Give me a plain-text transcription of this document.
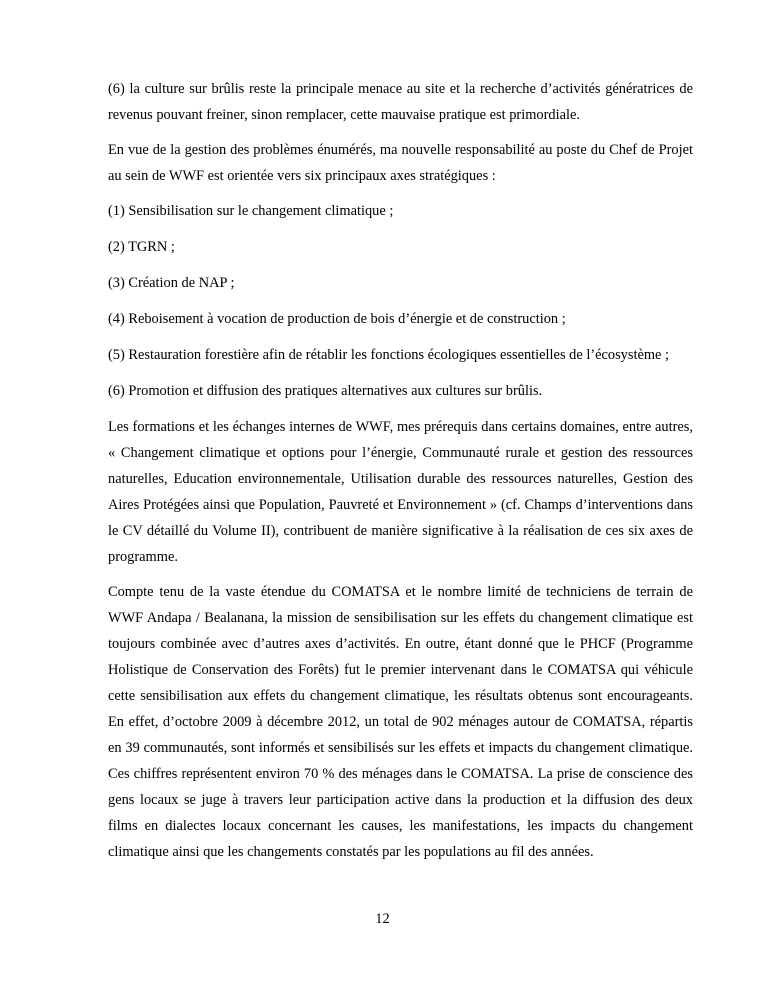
(6) la culture sur brûlis reste la principale menace au site et la recherche d’activités génératrices de revenus pouvant freiner, sinon remplacer, cette mauvaise pratique est primordiale.

En vue de la gestion des problèmes énumérés, ma nouvelle responsabilité au poste du Chef de Projet au sein de WWF est orientée vers six principaux axes stratégiques :

(1) Sensibilisation sur le changement climatique ;

(2) TGRN ;

(3) Création de NAP ;

(4) Reboisement à vocation de production de bois d’énergie et de construction ;

(5) Restauration forestière afin de rétablir les fonctions écologiques essentielles de l’écosystème ;

(6) Promotion et diffusion des pratiques alternatives aux cultures sur brûlis.

Les formations et les échanges internes de WWF, mes prérequis dans certains domaines, entre autres, « Changement climatique et options pour l’énergie, Communauté rurale et gestion des ressources naturelles, Education environnementale, Utilisation durable des ressources naturelles, Gestion des Aires Protégées ainsi que Population, Pauvreté et Environnement » (cf. Champs d’interventions dans le CV détaillé du Volume II), contribuent de manière significative à la réalisation de ces six axes de programme.

Compte tenu de la vaste étendue du COMATSA et le nombre limité de techniciens de terrain de WWF Andapa / Bealanana, la mission de sensibilisation sur les effets du changement climatique est toujours combinée avec d’autres axes d’activités. En outre, étant donné que le PHCF (Programme Holistique de Conservation des Forêts) fut le premier intervenant dans le COMATSA qui véhicule cette sensibilisation aux effets du changement climatique, les résultats obtenus sont encourageants. En effet, d’octobre 2009 à décembre 2012, un total de 902 ménages autour de COMATSA, répartis en 39 communautés, sont informés et sensibilisés sur les effets et impacts du changement climatique. Ces chiffres représentent environ 70 % des ménages dans le COMATSA. La prise de conscience des gens locaux se juge à travers leur participation active dans la production et la diffusion des deux films en dialectes locaux concernant les causes, les manifestations, les impacts du changement climatique ainsi que les changements constatés par les populations au fil des années.

12
